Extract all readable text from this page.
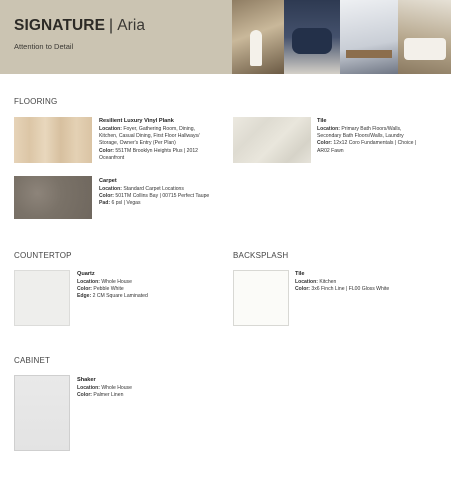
SIGNATURE | Aria
Attention to Detail
FLOORING
Resilient Luxury Vinyl Plank
Location: Foyer, Gathering Room, Dining,
Kitchen, Casual Dining, First Floor Hallways/
Storage, Owner's Entry (Per Plan)
Color: 551TM Brooklyn Heights Plus | 2012
Oceanfront
Tile
Location: Primary Bath Floors/Walls,
Secondary Bath Floors/Walls, Laundry
Color: 12x12 Coro Fundamentals | Choice |
AR02 Fawn
Carpet
Location: Standard Carpet Locations
Color: 501TM Collins Bay | 00715 Perfect Taupe
Pad: 6 psl | Vegas
COUNTERTOP
Quartz
Location: Whole House
Color: Pebble White
Edge: 2 CM Square Laminated
BACKSPLASH
Tile
Location: Kitchen
Color: 3x6 Finch Line | FL00 Gloss White
CABINET
Shaker
Location: Whole House
Color: Palmer Linen
